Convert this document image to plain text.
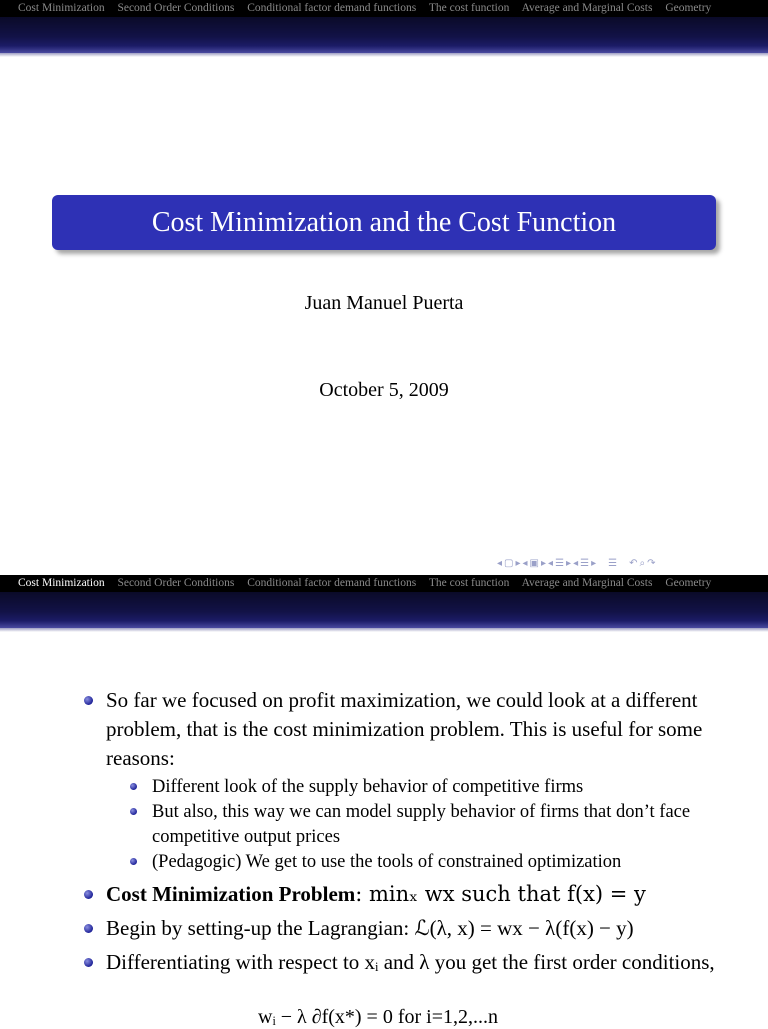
Cost Minimization Second Order Conditions Conditional factor demand functions The cost function Average and Marginal Costs Geometry
Cost Minimization and the Cost Function
Juan Manuel Puerta
October 5, 2009
◂ ▢ ▸ ◂ ▣ ▸ ◂ ☰ ▸ ◂ ☰ ▸ ☰ ↶ ⌕ ↷
Cost Minimization Second Order Conditions Conditional factor demand functions The cost function Average and Marginal Costs Geometry
So far we focused on profit maximization, we could look at a different problem, that is the cost minimization problem. This is useful for some reasons:
Different look of the supply behavior of competitive firms
But also, this way we can model supply behavior of firms that don’t face competitive output prices
(Pedagogic) We get to use the tools of constrained optimization
Cost Minimization Problem: minₓ wx such that f(x) = y
Begin by setting-up the Lagrangian: ℒ(λ, x) = wx − λ(f(x) − y)
Differentiating with respect to xᵢ and λ you get the first order conditions,
wᵢ − λ ∂f(x*) = 0 for i=1,2,...n
